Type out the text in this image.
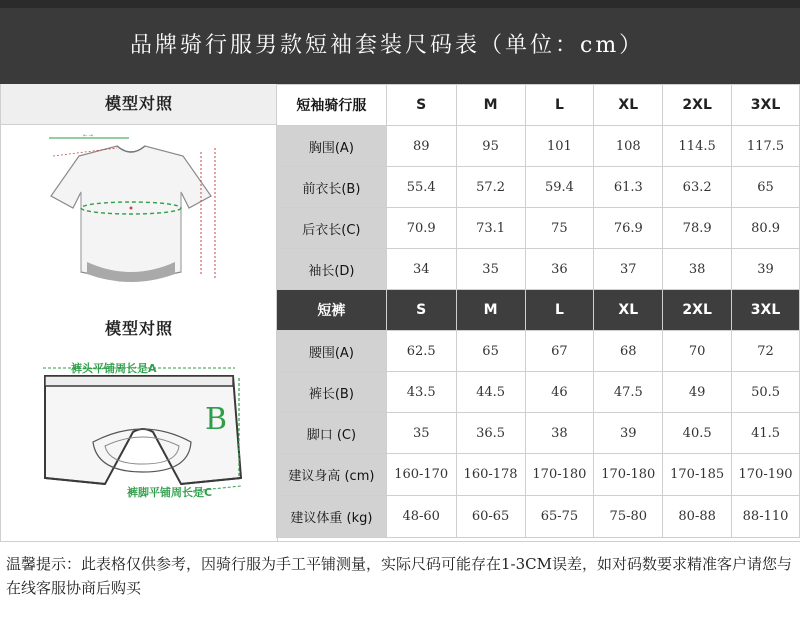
品牌骑行服男款短袖套装尺码表（单位：cm）
模型对照
← →
模型对照
裤头平铺周长是A
B
裤脚平铺周长是C
短袖骑行服	S	M	L	XL	2XL	3XL
胸围(A)	89	95	101	108	114.5	117.5
前衣长(B)	55.4	57.2	59.4	61.3	63.2	65
后衣长(C)	70.9	73.1	75	76.9	78.9	80.9
袖长(D)	34	35	36	37	38	39
短裤	S	M	L	XL	2XL	3XL
腰围(A)	62.5	65	67	68	70	72
裤长(B)	43.5	44.5	46	47.5	49	50.5
脚口 (C)	35	36.5	38	39	40.5	41.5
建议身高 (cm)	160-170	160-178	170-180	170-180	170-185	170-190
建议体重 (kg)	48-60	60-65	65-75	75-80	80-88	88-110
温馨提示：此表格仅供参考，因骑行服为手工平铺测量，实际尺码可能存在1-3CM误差，如对码数要求精准客户请您与在线客服协商后购买
